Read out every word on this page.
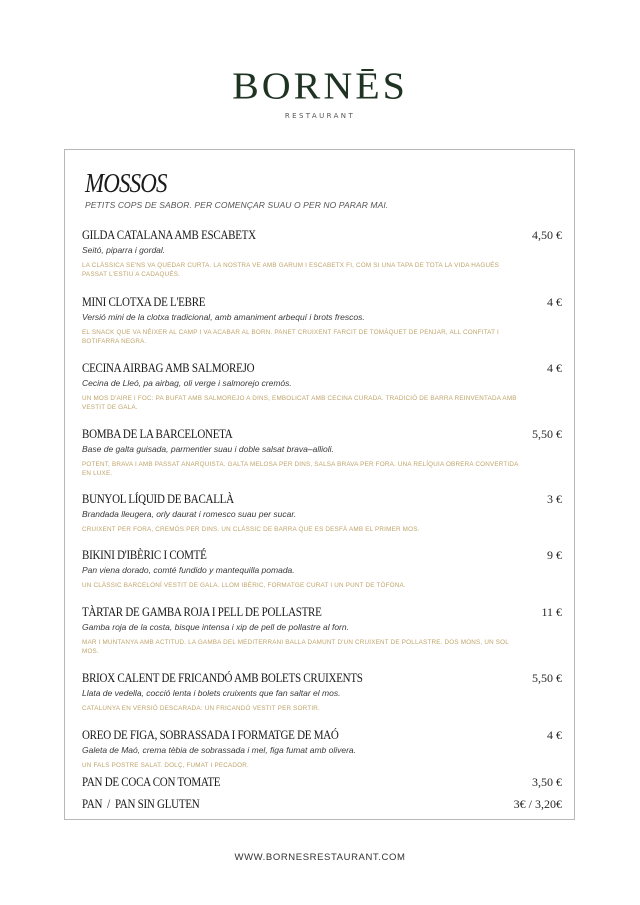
BORNĒS
RESTAURANT
MOSSOS
PETITS COPS DE SABOR. PER COMENÇAR SUAU O PER NO PARAR MAI.
GILDA CATALANA AMB ESCABETX	4,50 €
Seitó, piparra i gordal.
LA CLÀSSICA SE'NS VA QUEDAR CURTA. LA NOSTRA VE AMB GARUM I ESCABETX FI, COM SI UNA TAPA DE TOTA LA VIDA HAGUÉS PASSAT L'ESTIU A CADAQUÉS.
MINI CLOTXA DE L'EBRE	4 €
Versió mini de la clotxa tradicional, amb amaniment arbequí i brots frescos.
EL SNACK QUE VA NÉIXER AL CAMP I VA ACABAR AL BORN. PANET CRUIXENT FARCIT DE TOMÀQUET DE PENJAR, ALL CONFITAT I BOTIFARRA NEGRA.
CECINA AIRBAG AMB SALMOREJO	4 €
Cecina de Lleó, pa airbag, oli verge i salmorejo cremós.
UN MOS D'AIRE I FOC: PA BUFAT AMB SALMOREJO A DINS, EMBOLICAT AMB CECINA CURADA. TRADICIÓ DE BARRA REINVENTADA AMB VESTIT DE GALA.
BOMBA DE LA BARCELONETA	5,50 €
Base de galta guisada, parmentier suau i doble salsat brava–allioli.
POTENT, BRAVA I AMB PASSAT ANARQUISTA. GALTA MELOSA PER DINS, SALSA BRAVA PER FORA. UNA RELÍQUIA OBRERA CONVERTIDA EN LUXE.
BUNYOL LÍQUID DE BACALLÀ	3 €
Brandada lleugera, orly daurat i romesco suau per sucar.
CRUIXENT PER FORA, CREMÓS PER DINS. UN CLÀSSIC DE BARRA QUE ES DESFÀ AMB EL PRIMER MOS.
BIKINI D'IBÈRIC I COMTÉ	9 €
Pan viena dorado, comté fundido y mantequilla pomada.
UN CLÀSSIC BARCELONÍ VESTIT DE GALA. LLOM IBÈRIC, FORMATGE CURAT I UN PUNT DE TÒFONA.
TÀRTAR DE GAMBA ROJA I PELL DE POLLASTRE	11 €
Gamba roja de la costa, bisque intensa i xip de pell de pollastre al forn.
MAR I MUNTANYA AMB ACTITUD. LA GAMBA DEL MEDITERRANI BALLA DAMUNT D'UN CRUIXENT DE POLLASTRE. DOS MONS, UN SOL MOS.
BRIOX CALENT DE FRICANDÓ AMB BOLETS CRUIXENTS	5,50 €
Llata de vedella, cocció lenta i bolets cruixents que fan saltar el mos.
CATALUNYA EN VERSIÓ DESCARADA: UN FRICANDÓ VESTIT PER SORTIR.
OREO DE FIGA, SOBRASSADA I FORMATGE DE MAÓ	4 €
Galeta de Maó, crema tèbia de sobrassada i mel, figa fumat amb olivera.
UN FALS POSTRE SALAT. DOLÇ, FUMAT I PECADOR.
PAN DE COCA CON TOMATE	3,50 €
PAN  /  PAN SIN GLUTEN	3€ / 3,20€
WWW.BORNESRESTAURANT.COM
